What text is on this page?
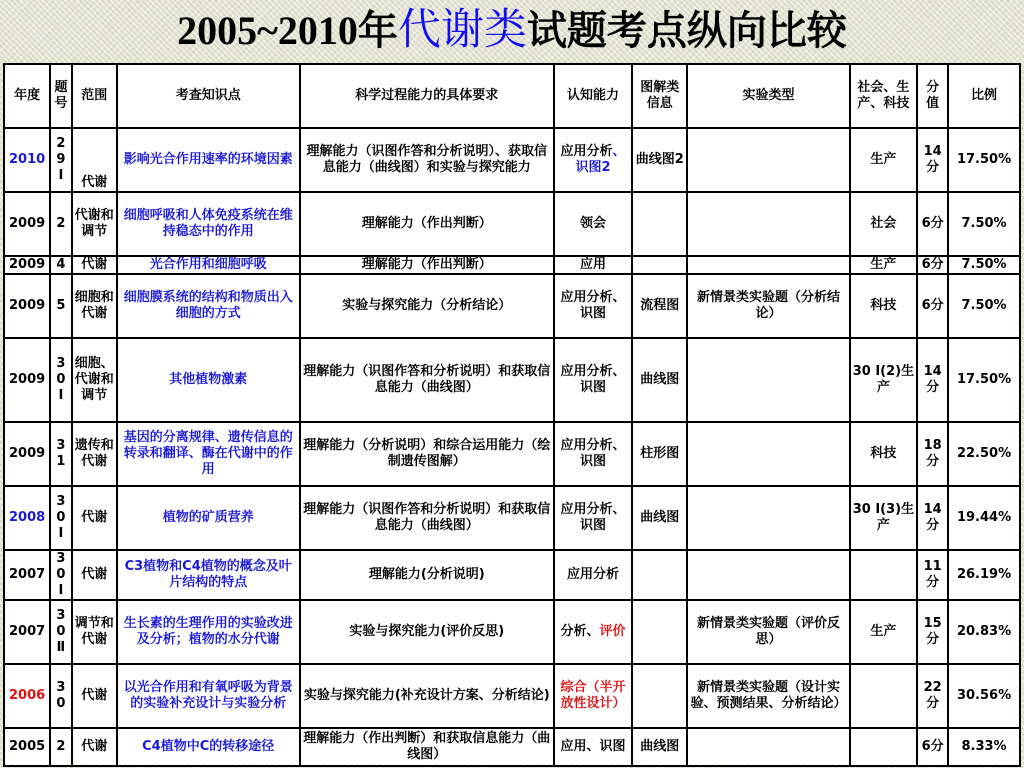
2005~2010年代谢类试题考点纵向比较
年度	题号	范围	考查知识点	科学过程能力的具体要求	认知能力	图解类信息	实验类型	社会、生产、科技	分值	比例
2010	29 Ⅰ	代谢	影响光合作用速率的环境因素	理解能力（识图作答和分析说明）、获取信息能力（曲线图）和实验与探究能力	应用分析、识图2	曲线图2		生产	14分	17.50%
2009	2	代谢和调节	细胞呼吸和人体免疫系统在维持稳态中的作用	理解能力（作出判断）	领会			社会	6分	7.50%
2009	4	代谢	光合作用和细胞呼吸	理解能力（作出判断）	应用			生产	6分	7.50%
2009	5	细胞和代谢	细胞膜系统的结构和物质出入细胞的方式	实验与探究能力（分析结论）	应用分析、识图	流程图	新情景类实验题（分析结论）	科技	6分	7.50%
2009	30 Ⅰ	细胞、代谢和调节	其他植物激素	理解能力（识图作答和分析说明）和获取信息能力（曲线图）	应用分析、识图	曲线图		30 Ⅰ(2)生产	14分	17.50%
2009	31	遗传和代谢	基因的分离规律、遗传信息的转录和翻译、酶在代谢中的作用	理解能力（分析说明）和综合运用能力（绘制遗传图解）	应用分析、识图	柱形图		科技	18分	22.50%
2008	30 Ⅰ	代谢	植物的矿质营养	理解能力（识图作答和分析说明）和获取信息能力（曲线图）	应用分析、识图	曲线图		30 Ⅰ(3)生产	14分	19.44%
2007	30 Ⅰ	代谢	C3植物和C4植物的概念及叶片结构的特点	理解能力(分析说明)	应用分析				11分	26.19%
2007	30 Ⅱ	调节和代谢	生长素的生理作用的实验改进及分析；植物的水分代谢	实验与探究能力(评价反思)	分析、评价		新情景类实验题（评价反思）	生产	15分	20.83%
2006	30	代谢	以光合作用和有氧呼吸为背景的实验补充设计与实验分析	实验与探究能力(补充设计方案、分析结论)	综合（半开放性设计）		新情景类实验题（设计实验、预测结果、分析结论）		22分	30.56%
2005	2	代谢	C4植物中C的转移途径	理解能力（作出判断）和获取信息能力（曲线图）	应用、识图	曲线图			6分	8.33%
